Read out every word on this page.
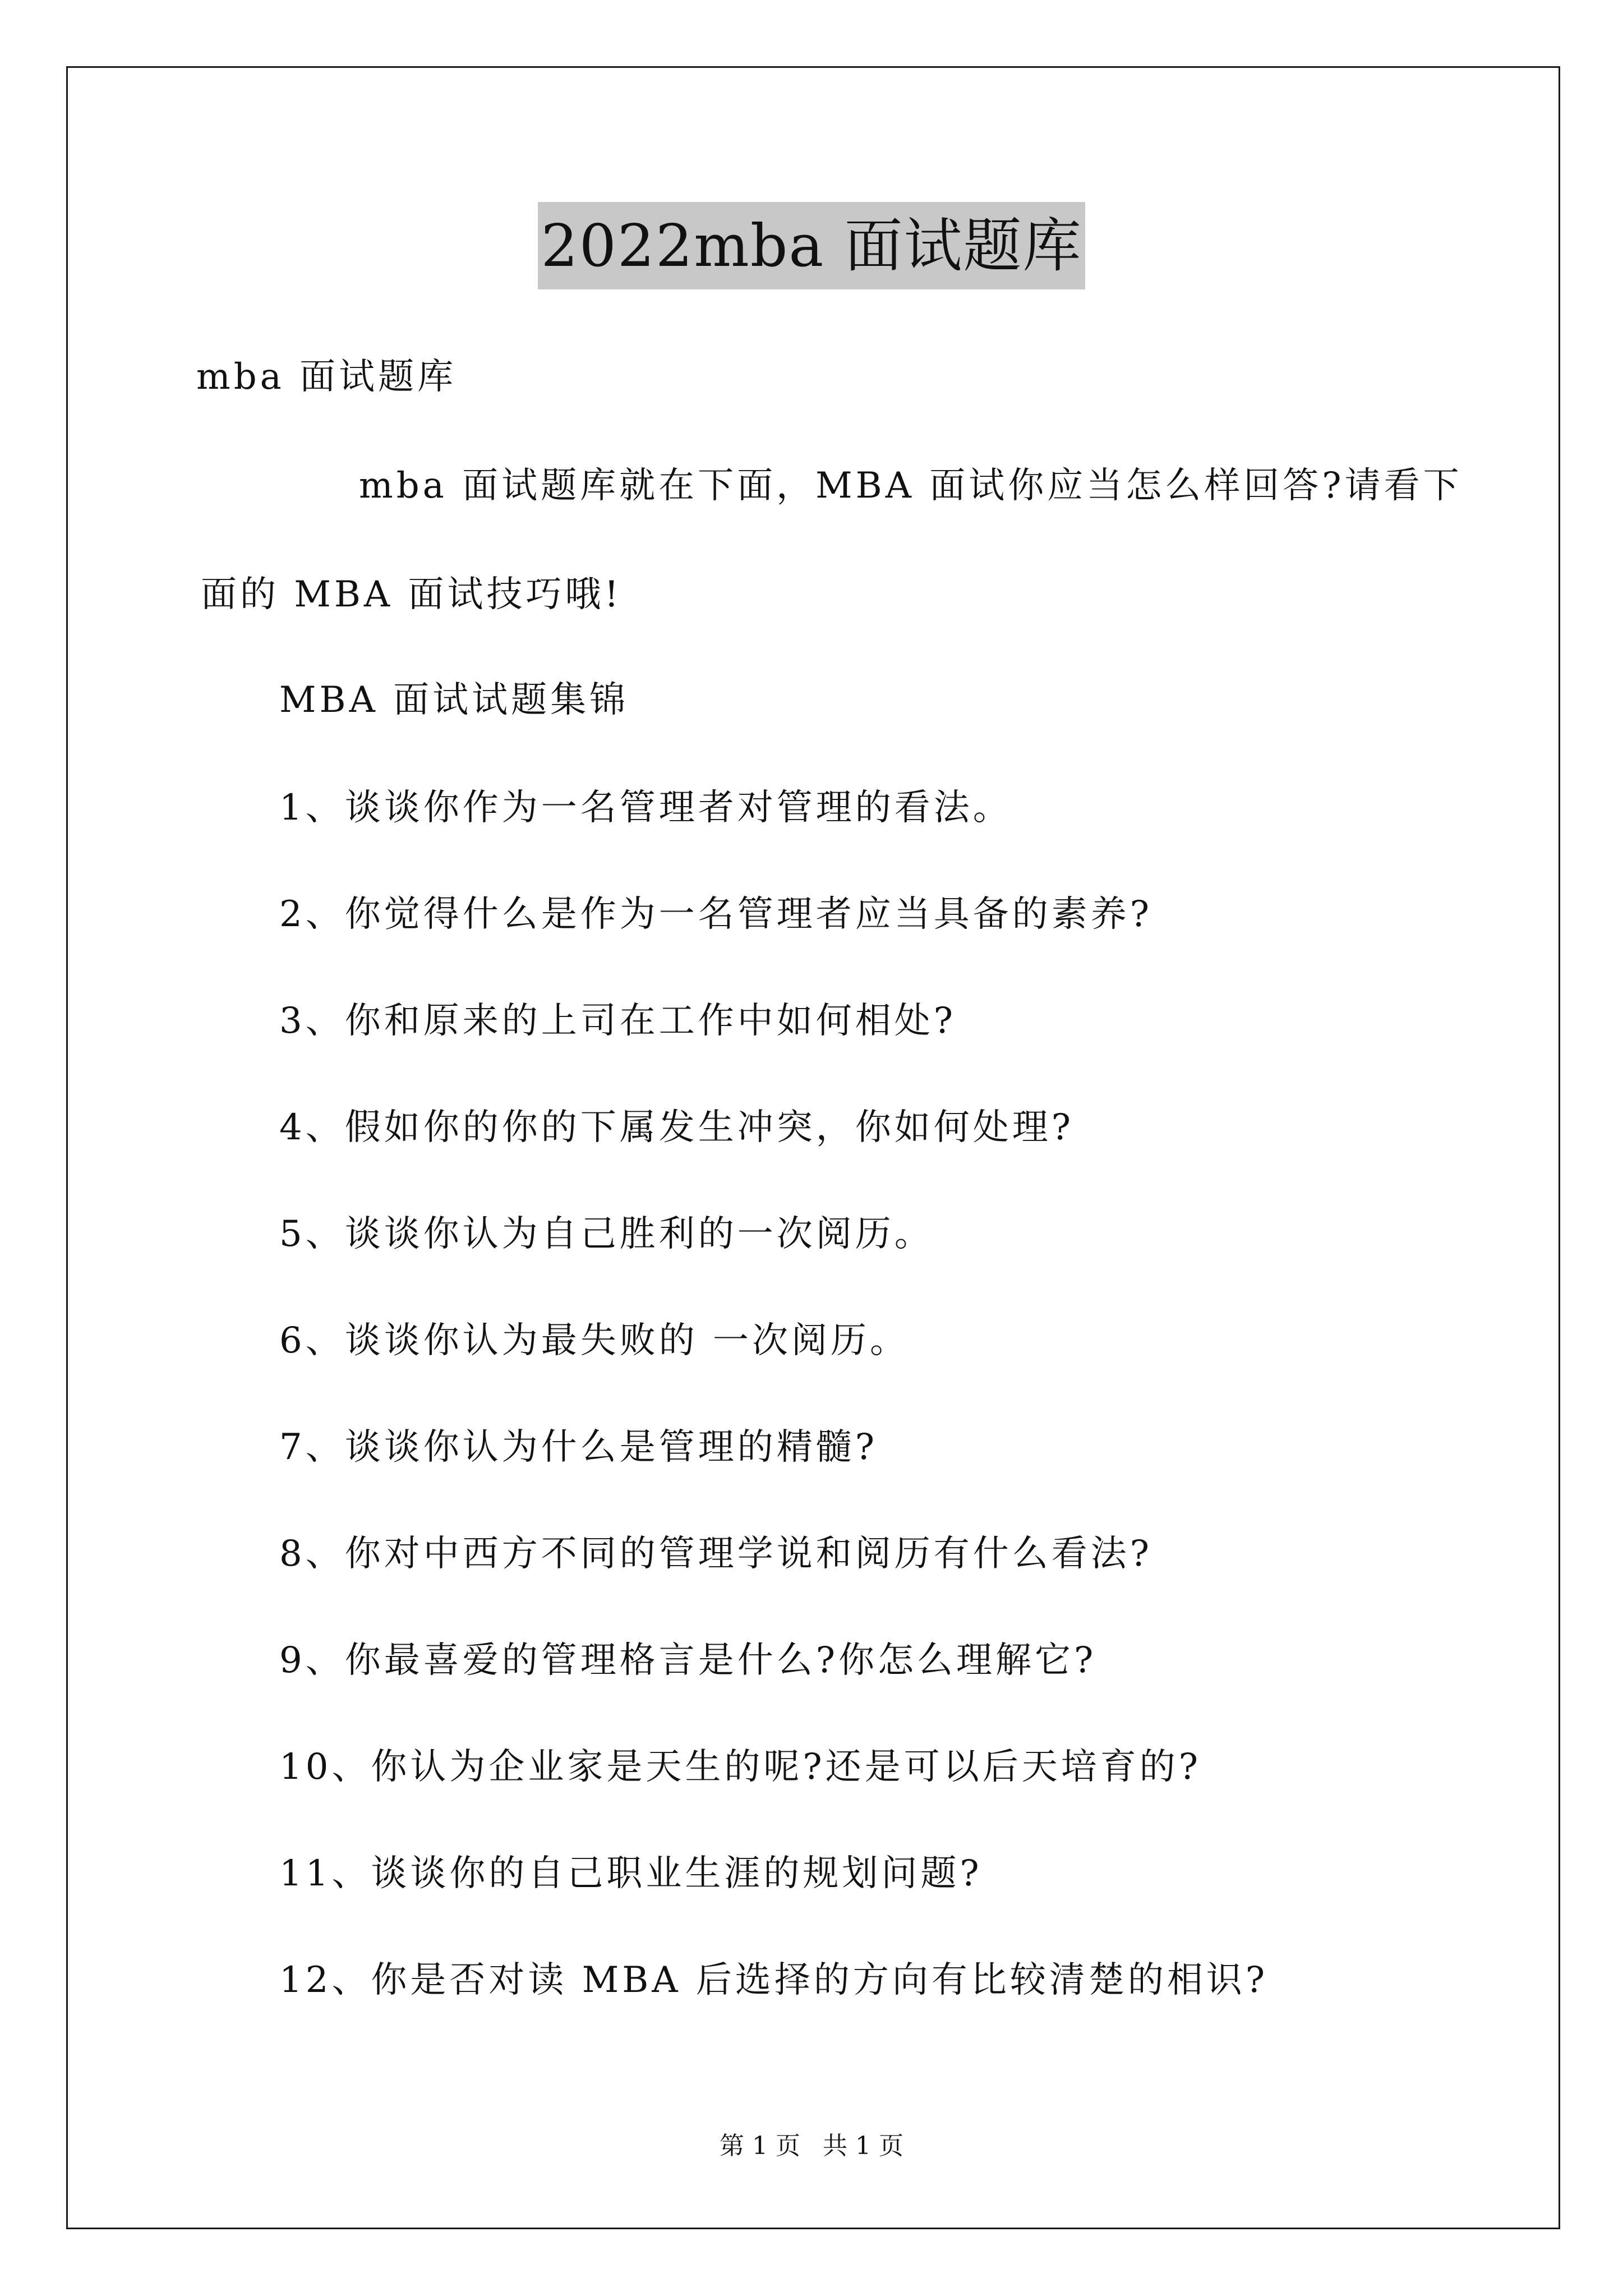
2022mba 面试题库
mba 面试题库
mba 面试题库就在下面，MBA 面试你应当怎么样回答?请看下
面的 MBA 面试技巧哦!
MBA 面试试题集锦
1、谈谈你作为一名管理者对管理的看法。
2、你觉得什么是作为一名管理者应当具备的素养?
3、你和原来的上司在工作中如何相处?
4、假如你的你的下属发生冲突，你如何处理?
5、谈谈你认为自己胜利的一次阅历。
6、谈谈你认为最失败的 一次阅历。
7、谈谈你认为什么是管理的精髓?
8、你对中西方不同的管理学说和阅历有什么看法?
9、你最喜爱的管理格言是什么?你怎么理解它?
10、你认为企业家是天生的呢?还是可以后天培育的?
11、谈谈你的自己职业生涯的规划问题?
12、你是否对读 MBA 后选择的方向有比较清楚的相识?
第 1 页 共 1 页
